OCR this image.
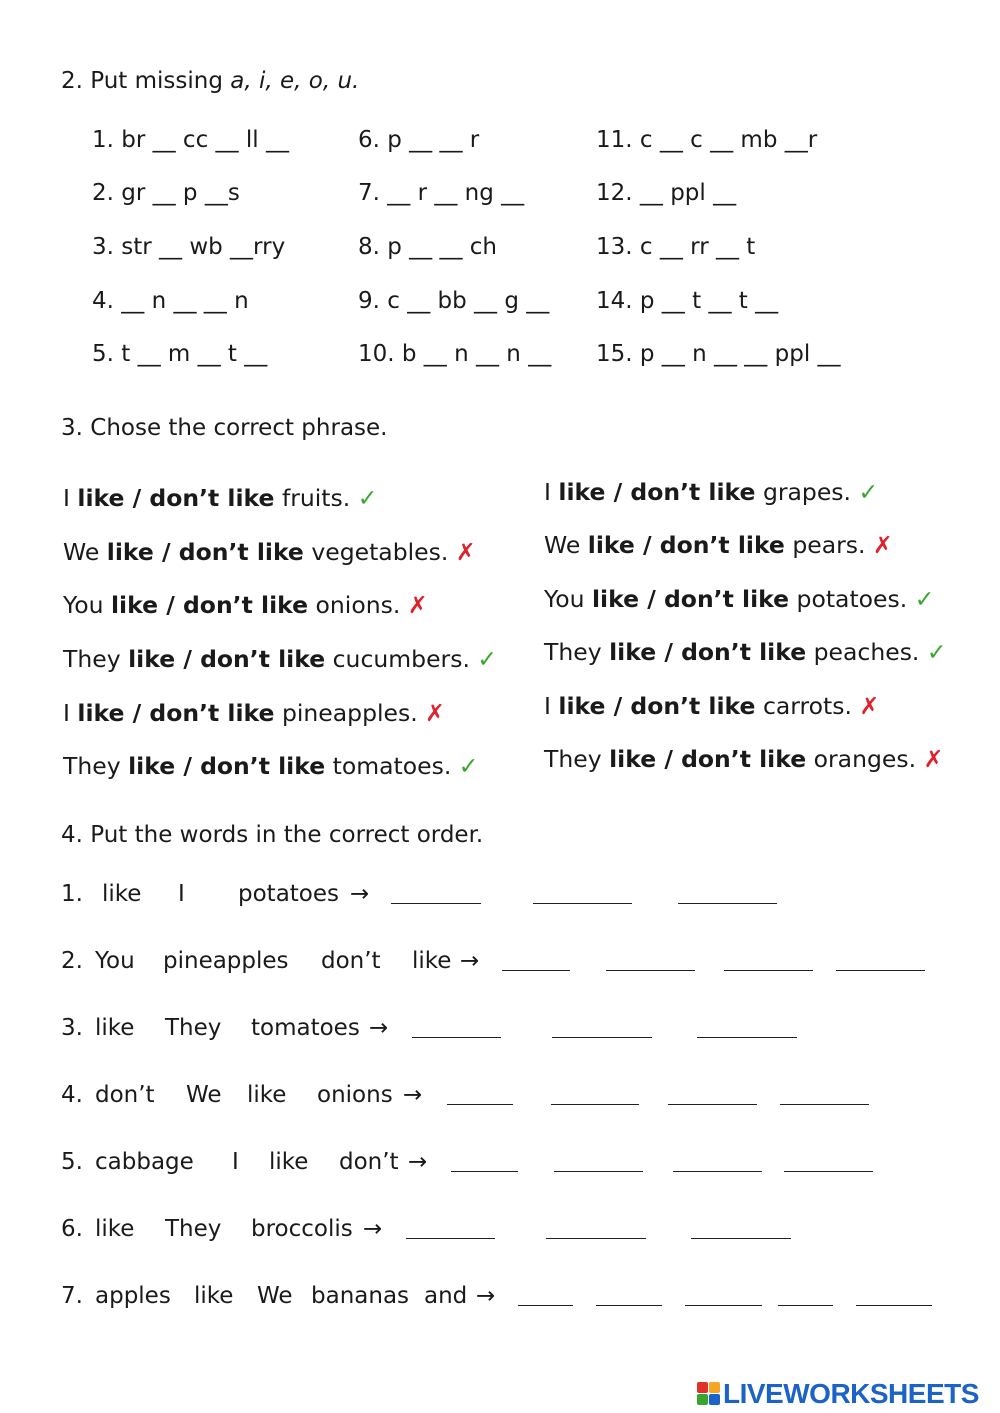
2. Put missing a, i, e, o, u.
1. br __ cc __ ll __
2. gr __ p __s
3. str __ wb __rry
4. __ n __ __ n
5. t __ m __ t __
6. p __ __ r
7. __ r __ ng __
8. p __ __ ch
9. c __ bb __ g __
10. b __ n __ n __
11. c __ c __ mb __r
12. __ ppl __
13. c __ rr __ t
14. p __ t __ t __
15. p __ n __ __ ppl __
3. Chose the correct phrase.
I like / don’t like fruits. ✓
We like / don’t like vegetables. ✗
You like / don’t like onions. ✗
They like / don’t like cucumbers. ✓
I like / don’t like pineapples. ✗
They like / don’t like tomatoes. ✓
I like / don’t like grapes. ✓
We like / don’t like pears. ✗
You like / don’t like potatoes. ✓
They like / don’t like peaches. ✓
I like / don’t like carrots. ✗
They like / don’t like oranges. ✗
4. Put the words in the correct order.
1. like I potatoes →
2. You pineapples don’t like →
3. like They tomatoes →
4. don’t We like onions →
5. cabbage I like don’t →
6. like They broccolis →
7. apples like We bananas and →
LIVEWORKSHEETS
